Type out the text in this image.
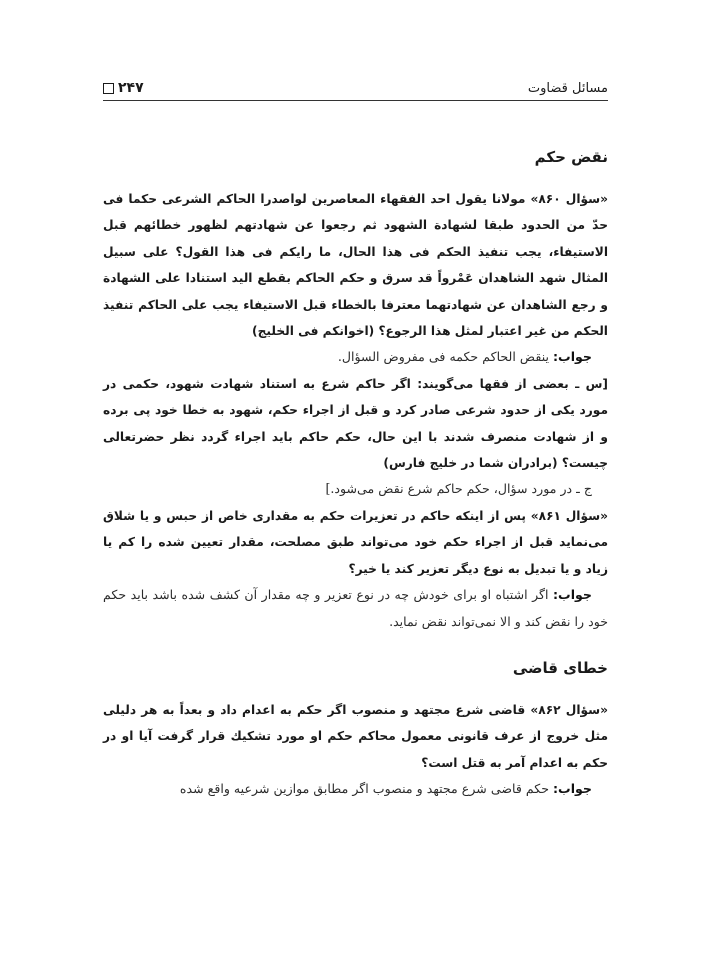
مسائل قضاوت
۲۴۷
نقض حکم

«سؤال ۸۶۰» مولانا يقول احد الفقهاء المعاصرين لواصدرا الحاكم الشرعى حكما فى حدّ من الحدود طبقا لشهادة الشهود ثم رجعوا عن شهادتهم لظهور خطائهم قبل الاستيفاء، يجب تنفيذ الحكم فى هذا الحال، ما رايكم فى هذا القول؟ على سبيل المثال شهد الشاهدان عَمْرواً قد سرق و حكم الحاكم بقطع اليد استنادا على الشهادة و رجع الشاهدان عن شهادتهما معترفا بالخطاء قبل الاستيفاء يجب على الحاكم تنفيذ الحكم من غير اعتبار لمثل هذا الرجوع؟ (اخوانكم فى الخليج)

جواب: ينقض الحاكم حكمه فى مفروض السؤال.

[س ـ بعضى از فقها مى‌گويند: اگر حاكم شرع به استناد شهادت شهود، حكمى در مورد يكى از حدود شرعى صادر كرد و قبل از اجراء حكم، شهود به خطا خود پى برده و از شهادت منصرف شدند با اين حال، حكم حاكم بايد اجراء گردد نظر حضرتعالى چيست؟ (برادران شما در خليج فارس)

ج ـ در مورد سؤال، حكم حاكم شرع نقض مى‌شود.]

«سؤال ۸۶۱» پس از اينكه حاكم در تعزيرات حكم به مقدارى خاص از حبس و يا شلاق مى‌نمايد قبل از اجراء حكم خود مى‌تواند طبق مصلحت، مقدار تعيين شده را كم يا زياد و يا تبديل به نوع ديگر تعزير كند يا خير؟

جواب: اگر اشتباه او براى خودش چه در نوع تعزير و چه مقدار آن كشف شده باشد بايد حكم خود را نقض كند و الا نمى‌تواند نقض نمايد.

خطاى قاضى

«سؤال ۸۶۲» قاضى شرع مجتهد و منصوب اگر حكم به اعدام داد و بعداً به هر دليلى مثل خروج از عرف قانونى معمول محاكم حكم او مورد تشكيك قرار گرفت آيا او در حكم به اعدام آمر به قتل است؟

جواب: حكم قاضى شرع مجتهد و منصوب اگر مطابق موازين شرعيه واقع شده
